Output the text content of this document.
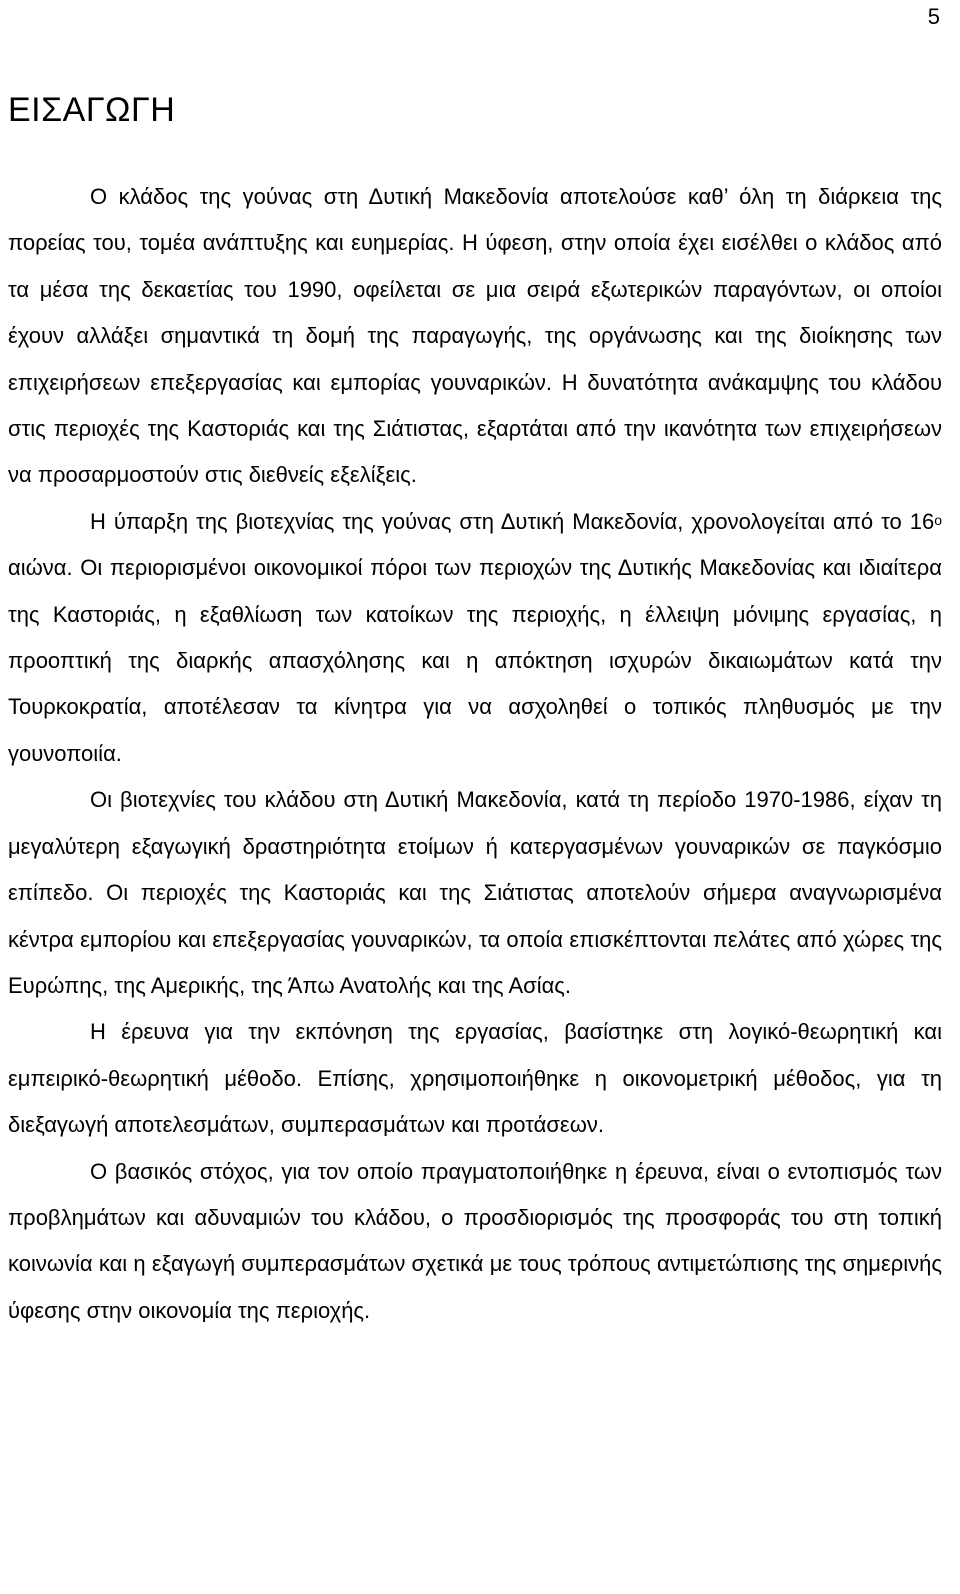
5
ΕΙΣΑΓΩΓΗ

Ο κλάδος της γούνας στη Δυτική Μακεδονία αποτελούσε καθ’ όλη τη διάρκεια της πορείας του, τομέα ανάπτυξης και ευημερίας. Η ύφεση, στην οποία έχει εισέλθει ο κλάδος από τα μέσα της δεκαετίας του 1990, οφείλεται σε μια σειρά εξωτερικών παραγόντων, οι οποίοι έχουν αλλάξει σημαντικά τη δομή της παραγωγής, της οργάνωσης και της διοίκησης των επιχειρήσεων επεξεργασίας και εμπορίας γουναρικών. Η δυνατότητα ανάκαμψης του κλάδου στις περιοχές της Καστοριάς και της Σιάτιστας, εξαρτάται από την ικανότητα των επιχειρήσεων να προσαρμοστούν στις διεθνείς εξελίξεις.

Η ύπαρξη της βιοτεχνίας της γούνας στη Δυτική Μακεδονία, χρονολογείται από το $16^o$ αιώνα. Οι περιορισμένοι οικονομικοί πόροι των περιοχών της Δυτικής Μακεδονίας και ιδιαίτερα της Καστοριάς, η εξαθλίωση των κατοίκων της περιοχής, η έλλειψη μόνιμης εργασίας, η προοπτική της διαρκής απασχόλησης και η απόκτηση ισχυρών δικαιωμάτων κατά την Τουρκοκρατία, αποτέλεσαν τα κίνητρα για να ασχοληθεί ο τοπικός πληθυσμός με την γουνοποιία.

Οι βιοτεχνίες του κλάδου στη Δυτική Μακεδονία, κατά τη περίοδο 1970-1986, είχαν τη μεγαλύτερη εξαγωγική δραστηριότητα ετοίμων ή κατεργασμένων γουναρικών σε παγκόσμιο επίπεδο. Οι περιοχές της Καστοριάς και της Σιάτιστας αποτελούν σήμερα αναγνωρισμένα κέντρα εμπορίου και επεξεργασίας γουναρικών, τα οποία επισκέπτονται πελάτες από χώρες της Ευρώπης, της Αμερικής, της Άπω Ανατολής και της Ασίας.

Η έρευνα για την εκπόνηση της εργασίας, βασίστηκε στη λογικό-θεωρητική και εμπειρικό-θεωρητική μέθοδο. Επίσης, χρησιμοποιήθηκε η οικονομετρική μέθοδος, για τη διεξαγωγή αποτελεσμάτων, συμπερασμάτων και προτάσεων.

Ο βασικός στόχος, για τον οποίο πραγματοποιήθηκε η έρευνα, είναι ο εντοπισμός των προβλημάτων και αδυναμιών του κλάδου, ο προσδιορισμός της προσφοράς του στη τοπική κοινωνία και η εξαγωγή συμπερασμάτων σχετικά με τους τρόπους αντιμετώπισης της σημερινής ύφεσης στην οικονομία της περιοχής.
